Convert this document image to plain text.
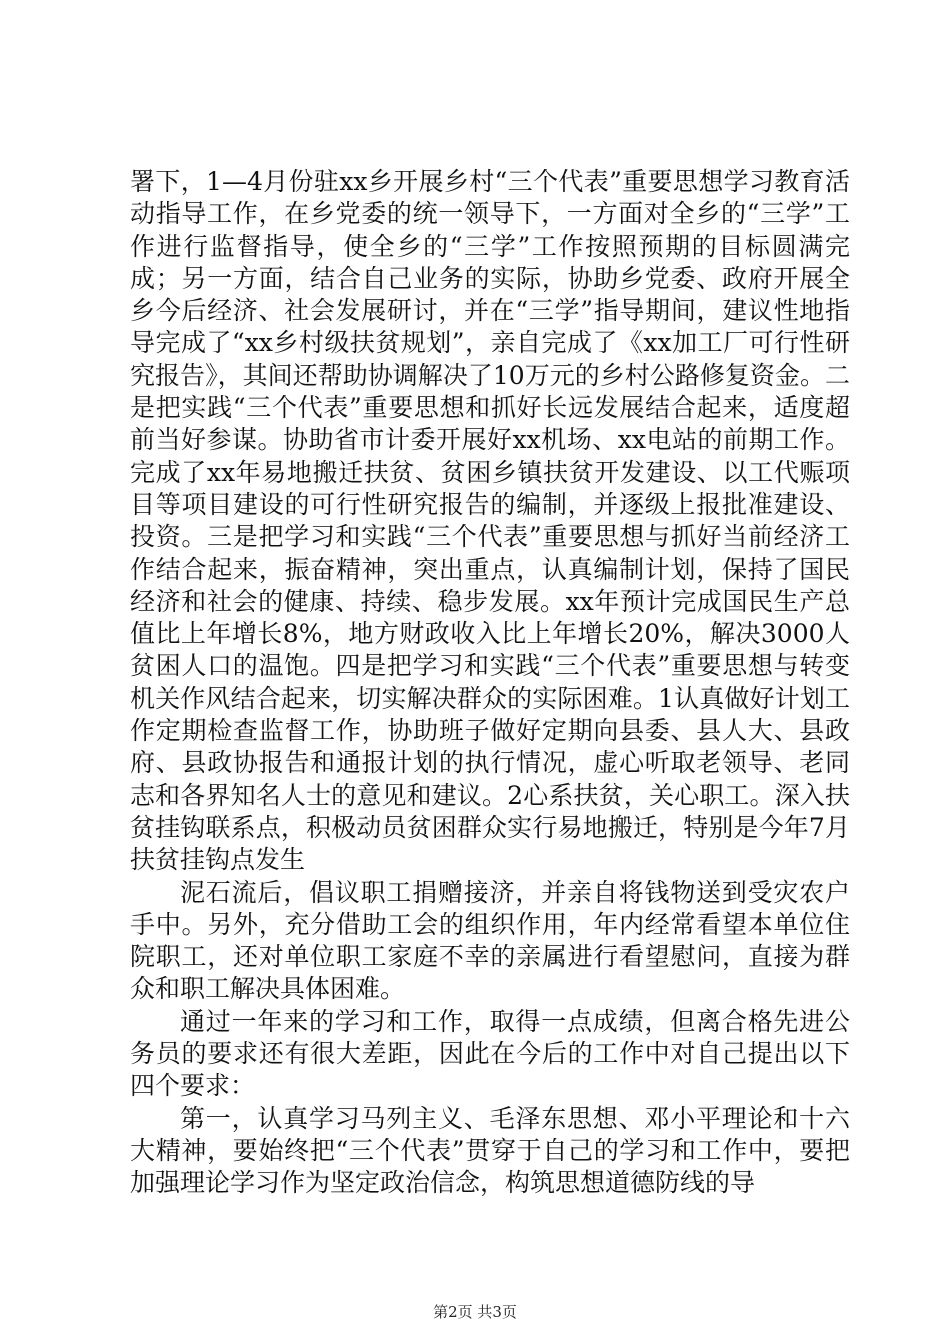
署下，1—4月份驻xx乡开展乡村“三个代表”重要思想学习教育活动指导工作，在乡党委的统一领导下，一方面对全乡的“三学”工作进行监督指导，使全乡的“三学”工作按照预期的目标圆满完成；另一方面，结合自己业务的实际，协助乡党委、政府开展全乡今后经济、社会发展研讨，并在“三学”指导期间，建议性地指导完成了“xx乡村级扶贫规划”，亲自完成了《xx加工厂可行性研究报告》，其间还帮助协调解决了10万元的乡村公路修复资金。二是把实践“三个代表”重要思想和抓好长远发展结合起来，适度超前当好参谋。协助省市计委开展好xx机场、xx电站的前期工作。完成了xx年易地搬迁扶贫、贫困乡镇扶贫开发建设、以工代赈项目等项目建设的可行性研究报告的编制，并逐级上报批准建设、投资。三是把学习和实践“三个代表”重要思想与抓好当前经济工作结合起来，振奋精神，突出重点，认真编制计划，保持了国民经济和社会的健康、持续、稳步发展。xx年预计完成国民生产总值比上年增长8%，地方财政收入比上年增长20%，解决3000人贫困人口的温饱。四是把学习和实践“三个代表”重要思想与转变机关作风结合起来，切实解决群众的实际困难。1认真做好计划工作定期检查监督工作，协助班子做好定期向县委、县人大、县政府、县政协报告和通报计划的执行情况，虚心听取老领导、老同志和各界知名人士的意见和建议。2心系扶贫，关心职工。深入扶贫挂钩联系点，积极动员贫困群众实行易地搬迁，特别是今年7月扶贫挂钩点发生

泥石流后，倡议职工捐赠接济，并亲自将钱物送到受灾农户手中。另外，充分借助工会的组织作用，年内经常看望本单位住院职工，还对单位职工家庭不幸的亲属进行看望慰问，直接为群众和职工解决具体困难。

通过一年来的学习和工作，取得一点成绩，但离合格先进公务员的要求还有很大差距，因此在今后的工作中对自己提出以下四个要求：

第一，认真学习马列主义、毛泽东思想、邓小平理论和十六大精神，要始终把“三个代表”贯穿于自己的学习和工作中，要把加强理论学习作为坚定政治信念，构筑思想道德防线的导

第2页 共3页
